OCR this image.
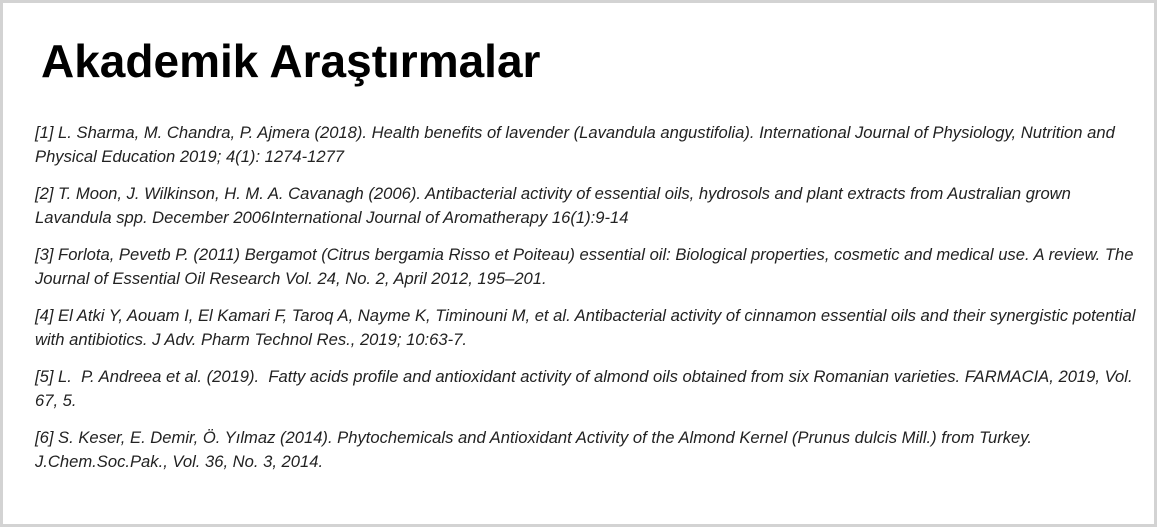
Akademik Araştırmalar
[1] L. Sharma, M. Chandra, P. Ajmera (2018). Health benefits of lavender (Lavandula angustifolia). International Journal of Physiology, Nutrition and Physical Education 2019; 4(1): 1274-1277
[2] T. Moon, J. Wilkinson, H. M. A. Cavanagh (2006). Antibacterial activity of essential oils, hydrosols and plant extracts from Australian grown Lavandula spp. December 2006International Journal of Aromatherapy 16(1):9-14
[3] Forlota, Pevetb P. (2011) Bergamot (Citrus bergamia Risso et Poiteau) essential oil: Biological properties, cosmetic and medical use. A review. The Journal of Essential Oil Research Vol. 24, No. 2, April 2012, 195–201.
[4] El Atki Y, Aouam I, El Kamari F, Taroq A, Nayme K, Timinouni M, et al. Antibacterial activity of cinnamon essential oils and their synergistic potential with antibiotics. J Adv. Pharm Technol Res., 2019; 10:63-7.
[5] L.  P. Andreea et al. (2019).  Fatty acids profile and antioxidant activity of almond oils obtained from six Romanian varieties. FARMACIA, 2019, Vol. 67, 5.
[6] S. Keser, E. Demir, Ö. Yılmaz (2014). Phytochemicals and Antioxidant Activity of the Almond Kernel (Prunus dulcis Mill.) from Turkey. J.Chem.Soc.Pak., Vol. 36, No. 3, 2014.
